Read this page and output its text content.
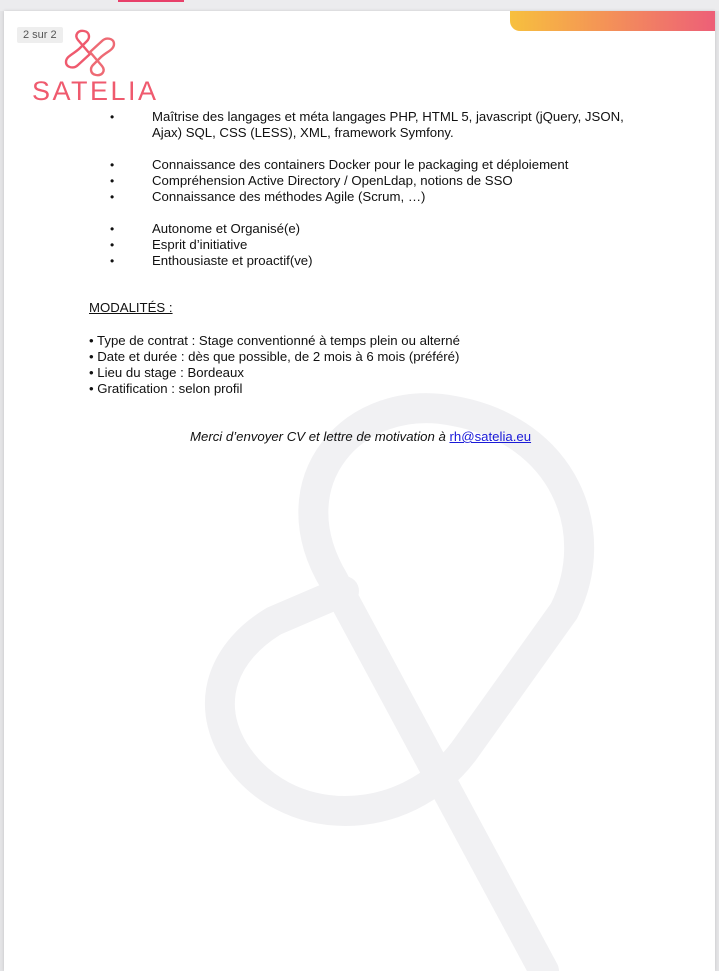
2 sur 2
SATELIA
•	Maîtrise des langages et méta langages PHP, HTML 5, javascript (jQuery, JSON,
Ajax) SQL, CSS (LESS), XML, framework Symfony.
•	Connaissance des containers Docker pour le packaging et déploiement
•	Compréhension Active Directory / OpenLdap, notions de SSO
•	Connaissance des méthodes Agile (Scrum, …)
•	Autonome et Organisé(e)
•	Esprit d’initiative
•	Enthousiaste et proactif(ve)
MODALITÉS :
• Type de contrat : Stage conventionné à temps plein ou alterné
• Date et durée : dès que possible, de 2 mois à 6 mois (préféré)
• Lieu du stage : Bordeaux
• Gratification : selon profil
Merci d’envoyer CV et lettre de motivation à rh@satelia.eu
